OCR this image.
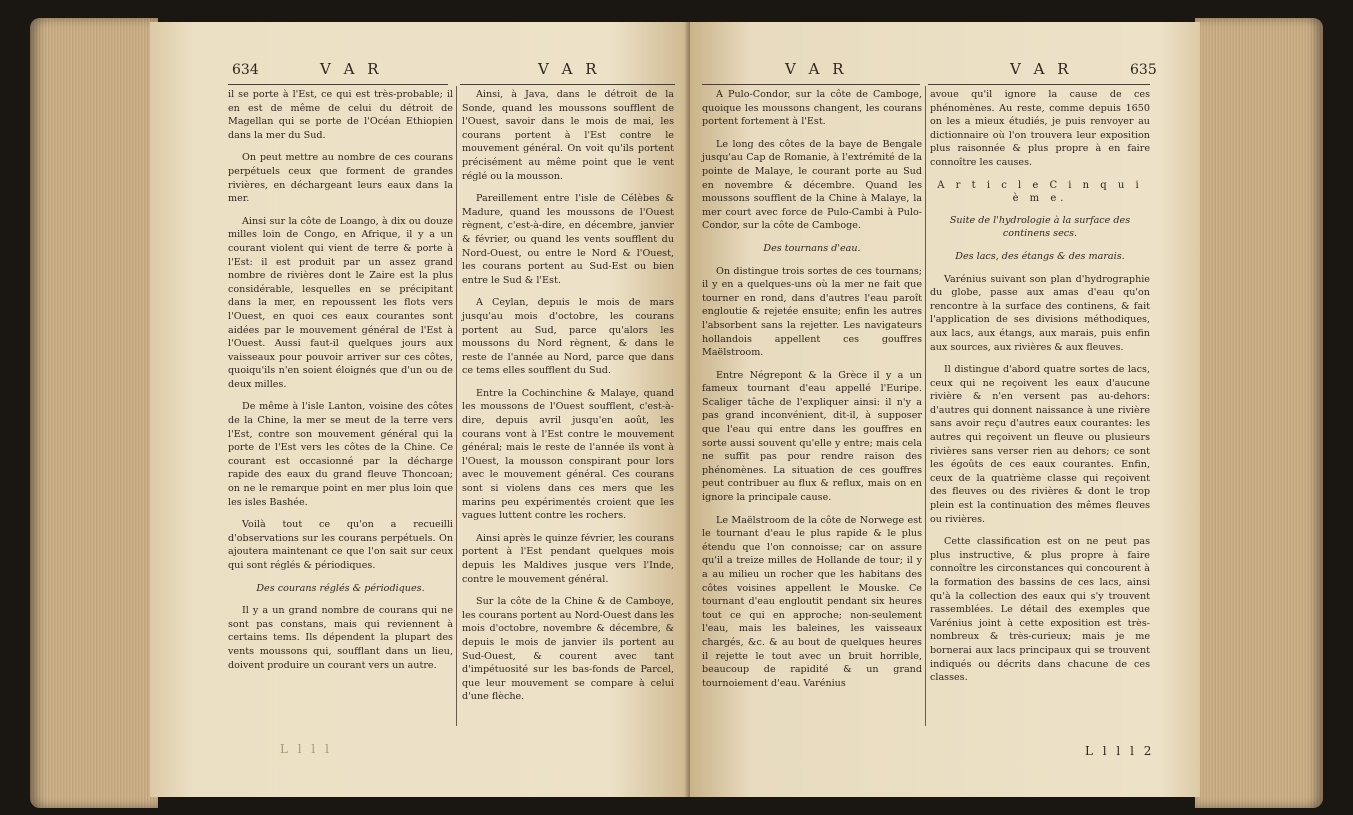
634	V A R	V A R

il se porte à l'Est, ce qui est très-probable; il en est de même de celui du détroit de Magellan qui se porte de l'Océan Ethiopien dans la mer du Sud.

On peut mettre au nombre de ces courans perpétuels ceux que forment de grandes rivières, en déchargeant leurs eaux dans la mer.

Ainsi sur la côte de Loango, à dix ou douze milles loin de Congo, en Afrique, il y a un courant violent qui vient de terre & porte à l'Est: il est produit par un assez grand nombre de rivières dont le Zaire est la plus considérable, lesquelles en se précipitant dans la mer, en repoussent les flots vers l'Ouest, en quoi ces eaux courantes sont aidées par le mouvement général de l'Est à l'Ouest. Aussi faut-il quelques jours aux vaisseaux pour pouvoir arriver sur ces côtes, quoiqu'ils n'en soient éloignés que d'un ou de deux milles.

De même à l'isle Lanton, voisine des côtes de la Chine, la mer se meut de la terre vers l'Est, contre son mouvement général qui la porte de l'Est vers les côtes de la Chine. Ce courant est occasionné par la décharge rapide des eaux du grand fleuve Thoncoan; on ne le remarque point en mer plus loin que les isles Bashée.

Voilà tout ce qu'on a recueilli d'observations sur les courans perpétuels. On ajoutera maintenant ce que l'on sait sur ceux qui sont réglés & périodiques.

Des courans réglés & périodiques.

Il y a un grand nombre de courans qui ne sont pas constans, mais qui reviennent à certains tems. Ils dépendent la plupart des vents moussons qui, soufflant dans un lieu, doivent produire un courant vers un autre.

Ainsi, à Java, dans le détroit de la Sonde, quand les moussons soufflent de l'Ouest, savoir dans le mois de mai, les courans portent à l'Est contre le mouvement général. On voit qu'ils portent précisément au même point que le vent réglé ou la mousson.

Pareillement entre l'isle de Célèbes & Madure, quand les moussons de l'Ouest règnent, c'est-à-dire, en décembre, janvier & février, ou quand les vents soufflent du Nord-Ouest, ou entre le Nord & l'Ouest, les courans portent au Sud-Est ou bien entre le Sud & l'Est.

A Ceylan, depuis le mois de mars jusqu'au mois d'octobre, les courans portent au Sud, parce qu'alors les moussons du Nord règnent, & dans le reste de l'année au Nord, parce que dans ce tems elles soufflent du Sud.

Entre la Cochinchine & Malaye, quand les moussons de l'Ouest soufflent, c'est-à-dire, depuis avril jusqu'en août, les courans vont à l'Est contre le mouvement général; mais le reste de l'année ils vont à l'Ouest, la mousson conspirant pour lors avec le mouvement général. Ces courans sont si violens dans ces mers que les marins peu expérimentés croient que les vagues luttent contre les rochers.

Ainsi après le quinze février, les courans portent à l'Est pendant quelques mois depuis les Maldives jusque vers l'Inde, contre le mouvement général.

Sur la côte de la Chine & de Camboye, les courans portent au Nord-Ouest dans les mois d'octobre, novembre & décembre, & depuis le mois de janvier ils portent au Sud-Ouest, & courent avec tant d'impétuosité sur les bas-fonds de Parcel, que leur mouvement se compare à celui d'une flèche.

L l l l
V A R	V A R	635

A Pulo-Condor, sur la côte de Camboge, quoique les moussons changent, les courans portent fortement à l'Est.

Le long des côtes de la baye de Bengale jusqu'au Cap de Romanie, à l'extrémité de la pointe de Malaye, le courant porte au Sud en novembre & décembre. Quand les moussons soufflent de la Chine à Malaye, la mer court avec force de Pulo-Cambi à Pulo-Condor, sur la côte de Camboge.

Des tournans d'eau.

On distingue trois sortes de ces tournans; il y en a quelques-uns où la mer ne fait que tourner en rond, dans d'autres l'eau paroît engloutie & rejetée ensuite; enfin les autres l'absorbent sans la rejetter. Les navigateurs hollandois appellent ces gouffres Maëlstroom.

Entre Négrepont & la Grèce il y a un fameux tournant d'eau appellé l'Euripe. Scaliger tâche de l'expliquer ainsi: il n'y a pas grand inconvénient, dit-il, à supposer que l'eau qui entre dans les gouffres en sorte aussi souvent qu'elle y entre; mais cela ne suffit pas pour rendre raison des phénomènes. La situation de ces gouffres peut contribuer au flux & reflux, mais on en ignore la principale cause.

Le Maëlstroom de la côte de Norwege est le tournant d'eau le plus rapide & le plus étendu que l'on connoisse; car on assure qu'il a treize milles de Hollande de tour; il y a au milieu un rocher que les habitans des côtes voisines appellent le Mouske. Ce tournant d'eau engloutit pendant six heures tout ce qui en approche; non-seulement l'eau, mais les baleines, les vaisseaux chargés, &c. & au bout de quelques heures il rejette le tout avec un bruit horrible, beaucoup de rapidité & un grand tournoiement d'eau. Varénius

avoue qu'il ignore la cause de ces phénomènes. Au reste, comme depuis 1650 on les a mieux étudiés, je puis renvoyer au dictionnaire où l'on trouvera leur exposition plus raisonnée & plus propre à en faire connoître les causes.

A r t i c l e C i n q u i è m e.

Suite de l'hydrologie à la surface des continens secs.

Des lacs, des étangs & des marais.

Varénius suivant son plan d'hydrographie du globe, passe aux amas d'eau qu'on rencontre à la surface des continens, & fait l'application de ses divisions méthodiques, aux lacs, aux étangs, aux marais, puis enfin aux sources, aux rivières & aux fleuves.

Il distingue d'abord quatre sortes de lacs, ceux qui ne reçoivent les eaux d'aucune rivière & n'en versent pas au-dehors: d'autres qui donnent naissance à une rivière sans avoir reçu d'autres eaux courantes: les autres qui reçoivent un fleuve ou plusieurs rivières sans verser rien au dehors; ce sont les égoûts de ces eaux courantes. Enfin, ceux de la quatrième classe qui reçoivent des fleuves ou des rivières & dont le trop plein est la continuation des mêmes fleuves ou rivières.

Cette classification est on ne peut pas plus instructive, & plus propre à faire connoître les circonstances qui concourent à la formation des bassins de ces lacs, ainsi qu'à la collection des eaux qui s'y trouvent rassemblées. Le détail des exemples que Varénius joint à cette exposition est très-nombreux & très-curieux; mais je me bornerai aux lacs principaux qui se trouvent indiqués ou décrits dans chacune de ces classes.

L l l l 2
